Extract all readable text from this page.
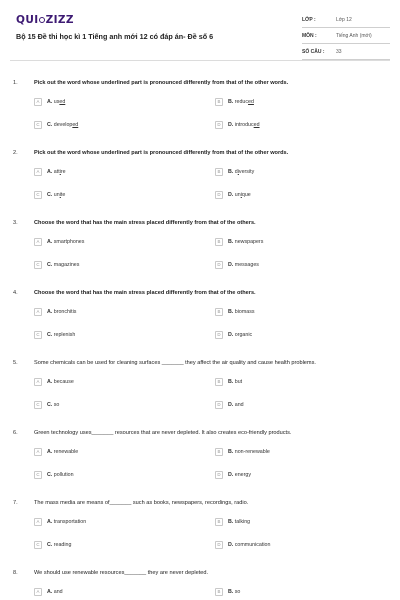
QUI ZIZZ
Bộ 15 Đề thi học kì 1 Tiếng anh mới 12 có đáp án- Đề số 6
LỚP :	Lớp 12
MÔN :	Tiếng Anh (mới)
SỐ CÂU :	33
1.	Pick out the word whose underlined part is pronounced differently from that of the other words.
A	A. used	B	B. reduced
C	C. developed	D	D. introduced
2.	Pick out the word whose underlined part is pronounced differently from that of the other words.
A	A. attire	B	B. diversity
C	C. unite	D	D. unique
3.	Choose the word that has the main stress placed differently from that of the others.
A	A. smartphones	B	B. newspapers
C	C. magazines	D	D. messages
4.	Choose the word that has the main stress placed differently from that of the others.
A	A. bronchitis	B	B. biomass
C	C. replenish	D	D. organic
5.	Some chemicals can be used for cleaning surfaces _______ they affect the air quality and cause health problems.
A	A. because	B	B. but
C	C. so	D	D. and
6.	Green technology uses_______ resources that are never depleted. It also creates eco-friendly products.
A	A. renewable	B	B. non-renewable
C	C. pollution	D	D. energy
7.	The mass media are means of_______ such as books, newspapers, recordings, radio.
A	A. transportation	B	B. talking
C	C. reading	D	D. communication
8.	We should use renewable resources_______ they are never depleted.
A	A. and	B	B. so
